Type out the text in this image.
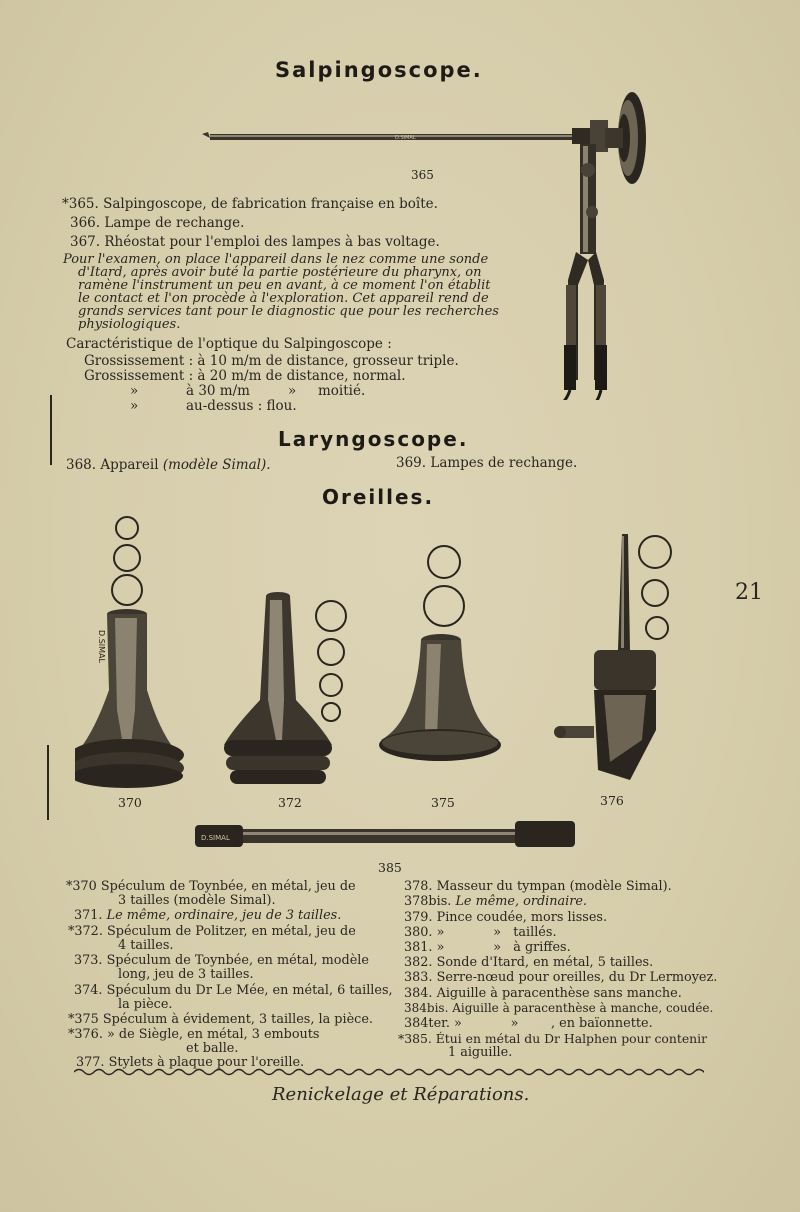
Salpingoscope.
D.SIMAL
365
*365. Salpingoscope, de fabrication française en boîte.
366. Lampe de rechange.
367. Rhéostat pour l'emploi des lampes à bas voltage.
Pour l'examen, on place l'appareil dans le nez comme une sonde
d'Itard, après avoir buté la partie postérieure du pharynx, on
ramène l'instrument un peu en avant, à ce moment l'on établit
le contact et l'on procède à l'exploration. Cet appareil rend de
grands services tant pour le diagnostic que pour les recherches
physiologiques.
Caractéristique de l'optique du Salpingoscope :
Grossissement : à 10 m/m de distance, grosseur triple.
Grossissement : à 20 m/m de distance, normal.
»	à 30 m/m	» moitié.
»	au-dessus : flou.
Laryngoscope.
368. Appareil (modèle Simal).	369. Lampes de rechange.
Oreilles.
21
D.SIMAL
370	372	375	376
D.SIMAL
385
*370 Spéculum de Toynbée, en métal, jeu de
3 tailles (modèle Simal).
371. Le même, ordinaire, jeu de 3 tailles.
*372. Spéculum de Politzer, en métal, jeu de
4 tailles.
373. Spéculum de Toynbée, en métal, modèle
long, jeu de 3 tailles.
374. Spéculum du Dr Le Mée, en métal, 6 tailles,
la pièce.
*375 Spéculum à évidement, 3 tailles, la pièce.
*376. » de Siègle, en métal, 3 embouts
et balle.
377. Stylets à plaque pour l'oreille.
378. Masseur du tympan (modèle Simal).
378bis. Le même, ordinaire.
379. Pince coudée, mors lisses.
380. »            »   taillés.
381. »            »   à griffes.
382. Sonde d'Itard, en métal, 5 tailles.
383. Serre-nœud pour oreilles, du Dr Lermoyez.
384. Aiguille à paracenthèse sans manche.
384bis. Aiguille à paracenthèse à manche, coudée.
384ter. »            »        , en baïonnette.
*385. Étui en métal du Dr Halphen pour contenir
1 aiguille.
Renickelage et Réparations.
